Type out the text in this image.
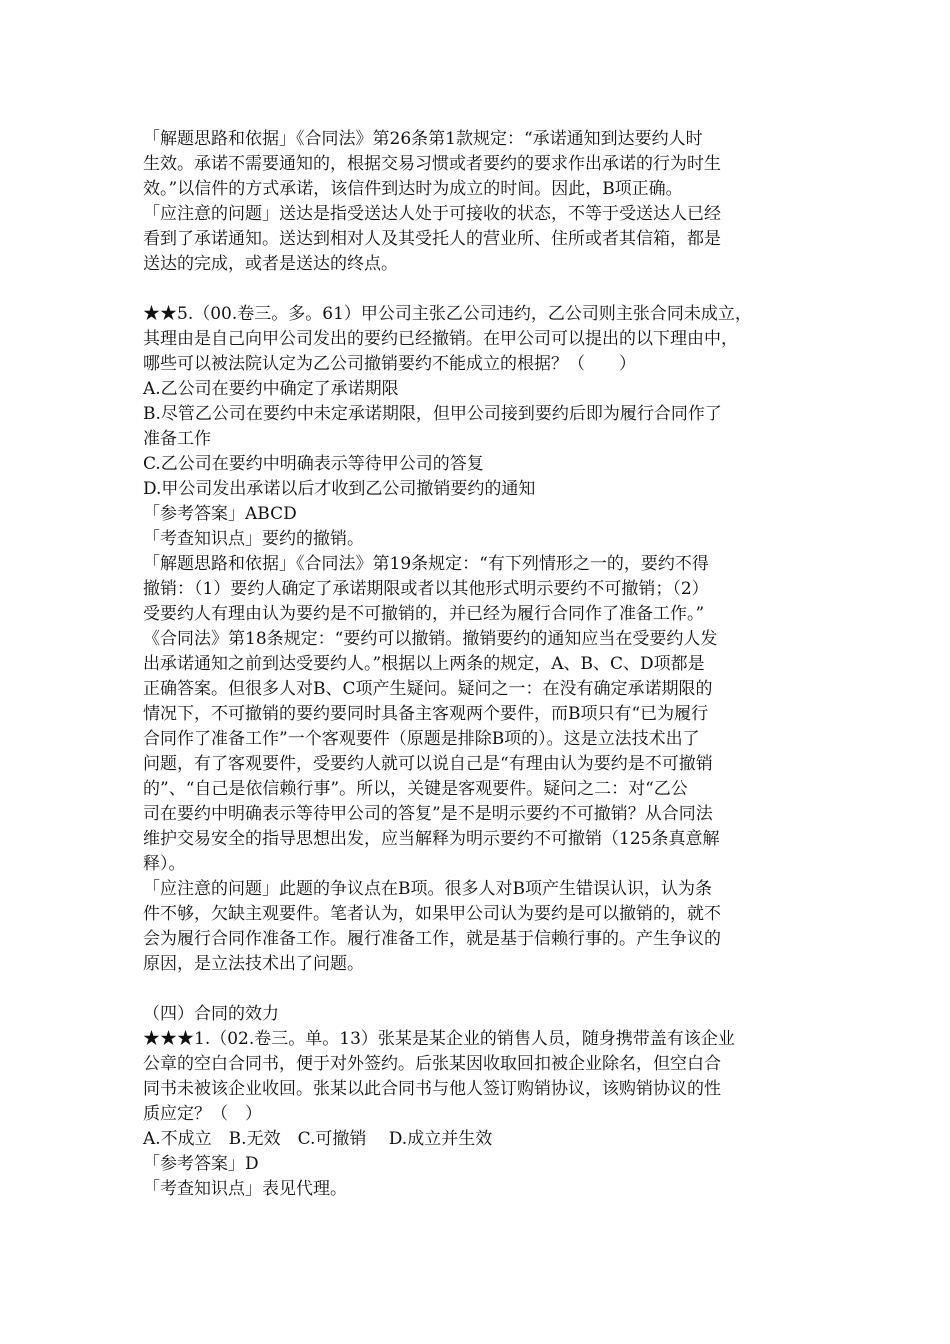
「解题思路和依据」《合同法》第26条第1款规定：“承诺通知到达要约人时
生效。承诺不需要通知的，根据交易习惯或者要约的要求作出承诺的行为时生
效。”以信件的方式承诺，该信件到达时为成立的时间。因此，B项正确。
「应注意的问题」送达是指受送达人处于可接收的状态，不等于受送达人已经
看到了承诺通知。送达到相对人及其受托人的营业所、住所或者其信箱，都是
送达的完成，或者是送达的终点。
★★5.（00.卷三。多。61）甲公司主张乙公司违约，乙公司则主张合同未成立，
其理由是自己向甲公司发出的要约已经撤销。在甲公司可以提出的以下理由中，
哪些可以被法院认定为乙公司撤销要约不能成立的根据？（　　）
A.乙公司在要约中确定了承诺期限
B.尽管乙公司在要约中未定承诺期限，但甲公司接到要约后即为履行合同作了
准备工作
C.乙公司在要约中明确表示等待甲公司的答复
D.甲公司发出承诺以后才收到乙公司撤销要约的通知
「参考答案」ABCD
「考查知识点」要约的撤销。
「解题思路和依据」《合同法》第19条规定：“有下列情形之一的，要约不得
撤销：（1）要约人确定了承诺期限或者以其他形式明示要约不可撤销；（2）
受要约人有理由认为要约是不可撤销的，并已经为履行合同作了准备工作。”
《合同法》第18条规定：“要约可以撤销。撤销要约的通知应当在受要约人发
出承诺通知之前到达受要约人。”根据以上两条的规定，A、B、C、D项都是
正确答案。但很多人对B、C项产生疑问。疑问之一：在没有确定承诺期限的
情况下，不可撤销的要约要同时具备主客观两个要件，而B项只有“已为履行
合同作了准备工作”一个客观要件（原题是排除B项的）。这是立法技术出了
问题，有了客观要件，受要约人就可以说自己是“有理由认为要约是不可撤销
的”、“自己是依信赖行事”。所以，关键是客观要件。疑问之二：对“乙公
司在要约中明确表示等待甲公司的答复”是不是明示要约不可撤销？从合同法
维护交易安全的指导思想出发，应当解释为明示要约不可撤销（125条真意解
释）。
「应注意的问题」此题的争议点在B项。很多人对B项产生错误认识，认为条
件不够，欠缺主观要件。笔者认为，如果甲公司认为要约是可以撤销的，就不
会为履行合同作准备工作。履行准备工作，就是基于信赖行事的。产生争议的
原因，是立法技术出了问题。
（四）合同的效力
★★★1.（02.卷三。单。13）张某是某企业的销售人员，随身携带盖有该企业
公章的空白合同书，便于对外签约。后张某因收取回扣被企业除名，但空白合
同书未被该企业收回。张某以此合同书与他人签订购销协议，该购销协议的性
质应定？（　）
A.不成立　B.无效　C.可撤销　 D.成立并生效
「参考答案」D
「考查知识点」表见代理。
